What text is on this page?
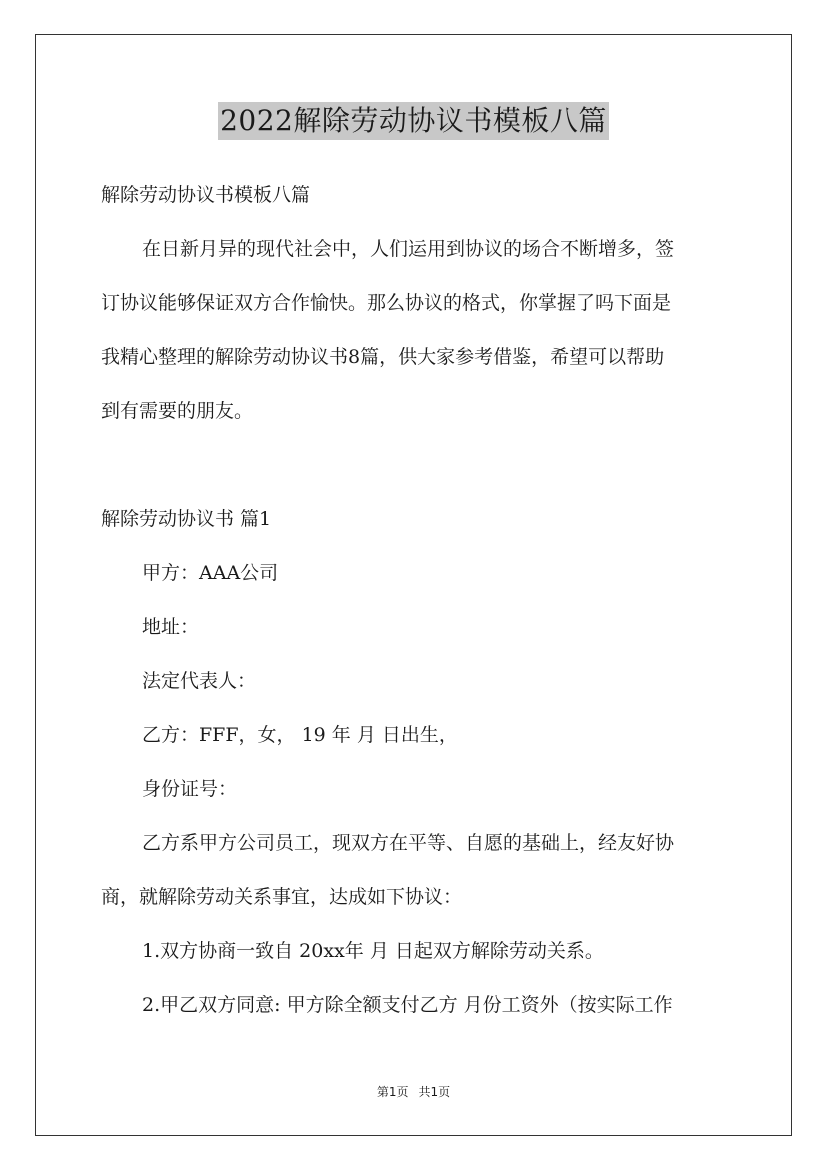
2022解除劳动协议书模板八篇
解除劳动协议书模板八篇
在日新月异的现代社会中，人们运用到协议的场合不断增多，签
订协议能够保证双方合作愉快。那么协议的格式，你掌握了吗下面是
我精心整理的解除劳动协议书8篇，供大家参考借鉴，希望可以帮助
到有需要的朋友。
解除劳动协议书 篇1
甲方：AAA公司
地址：
法定代表人：
乙方：FFF，女， 19 年 月 日出生，
身份证号：
乙方系甲方公司员工，现双方在平等、自愿的基础上，经友好协
商，就解除劳动关系事宜，达成如下协议：
1.双方协商一致自 20xx年 月 日起双方解除劳动关系。
2.甲乙双方同意: 甲方除全额支付乙方 月份工资外（按实际工作
第1页 共1页
